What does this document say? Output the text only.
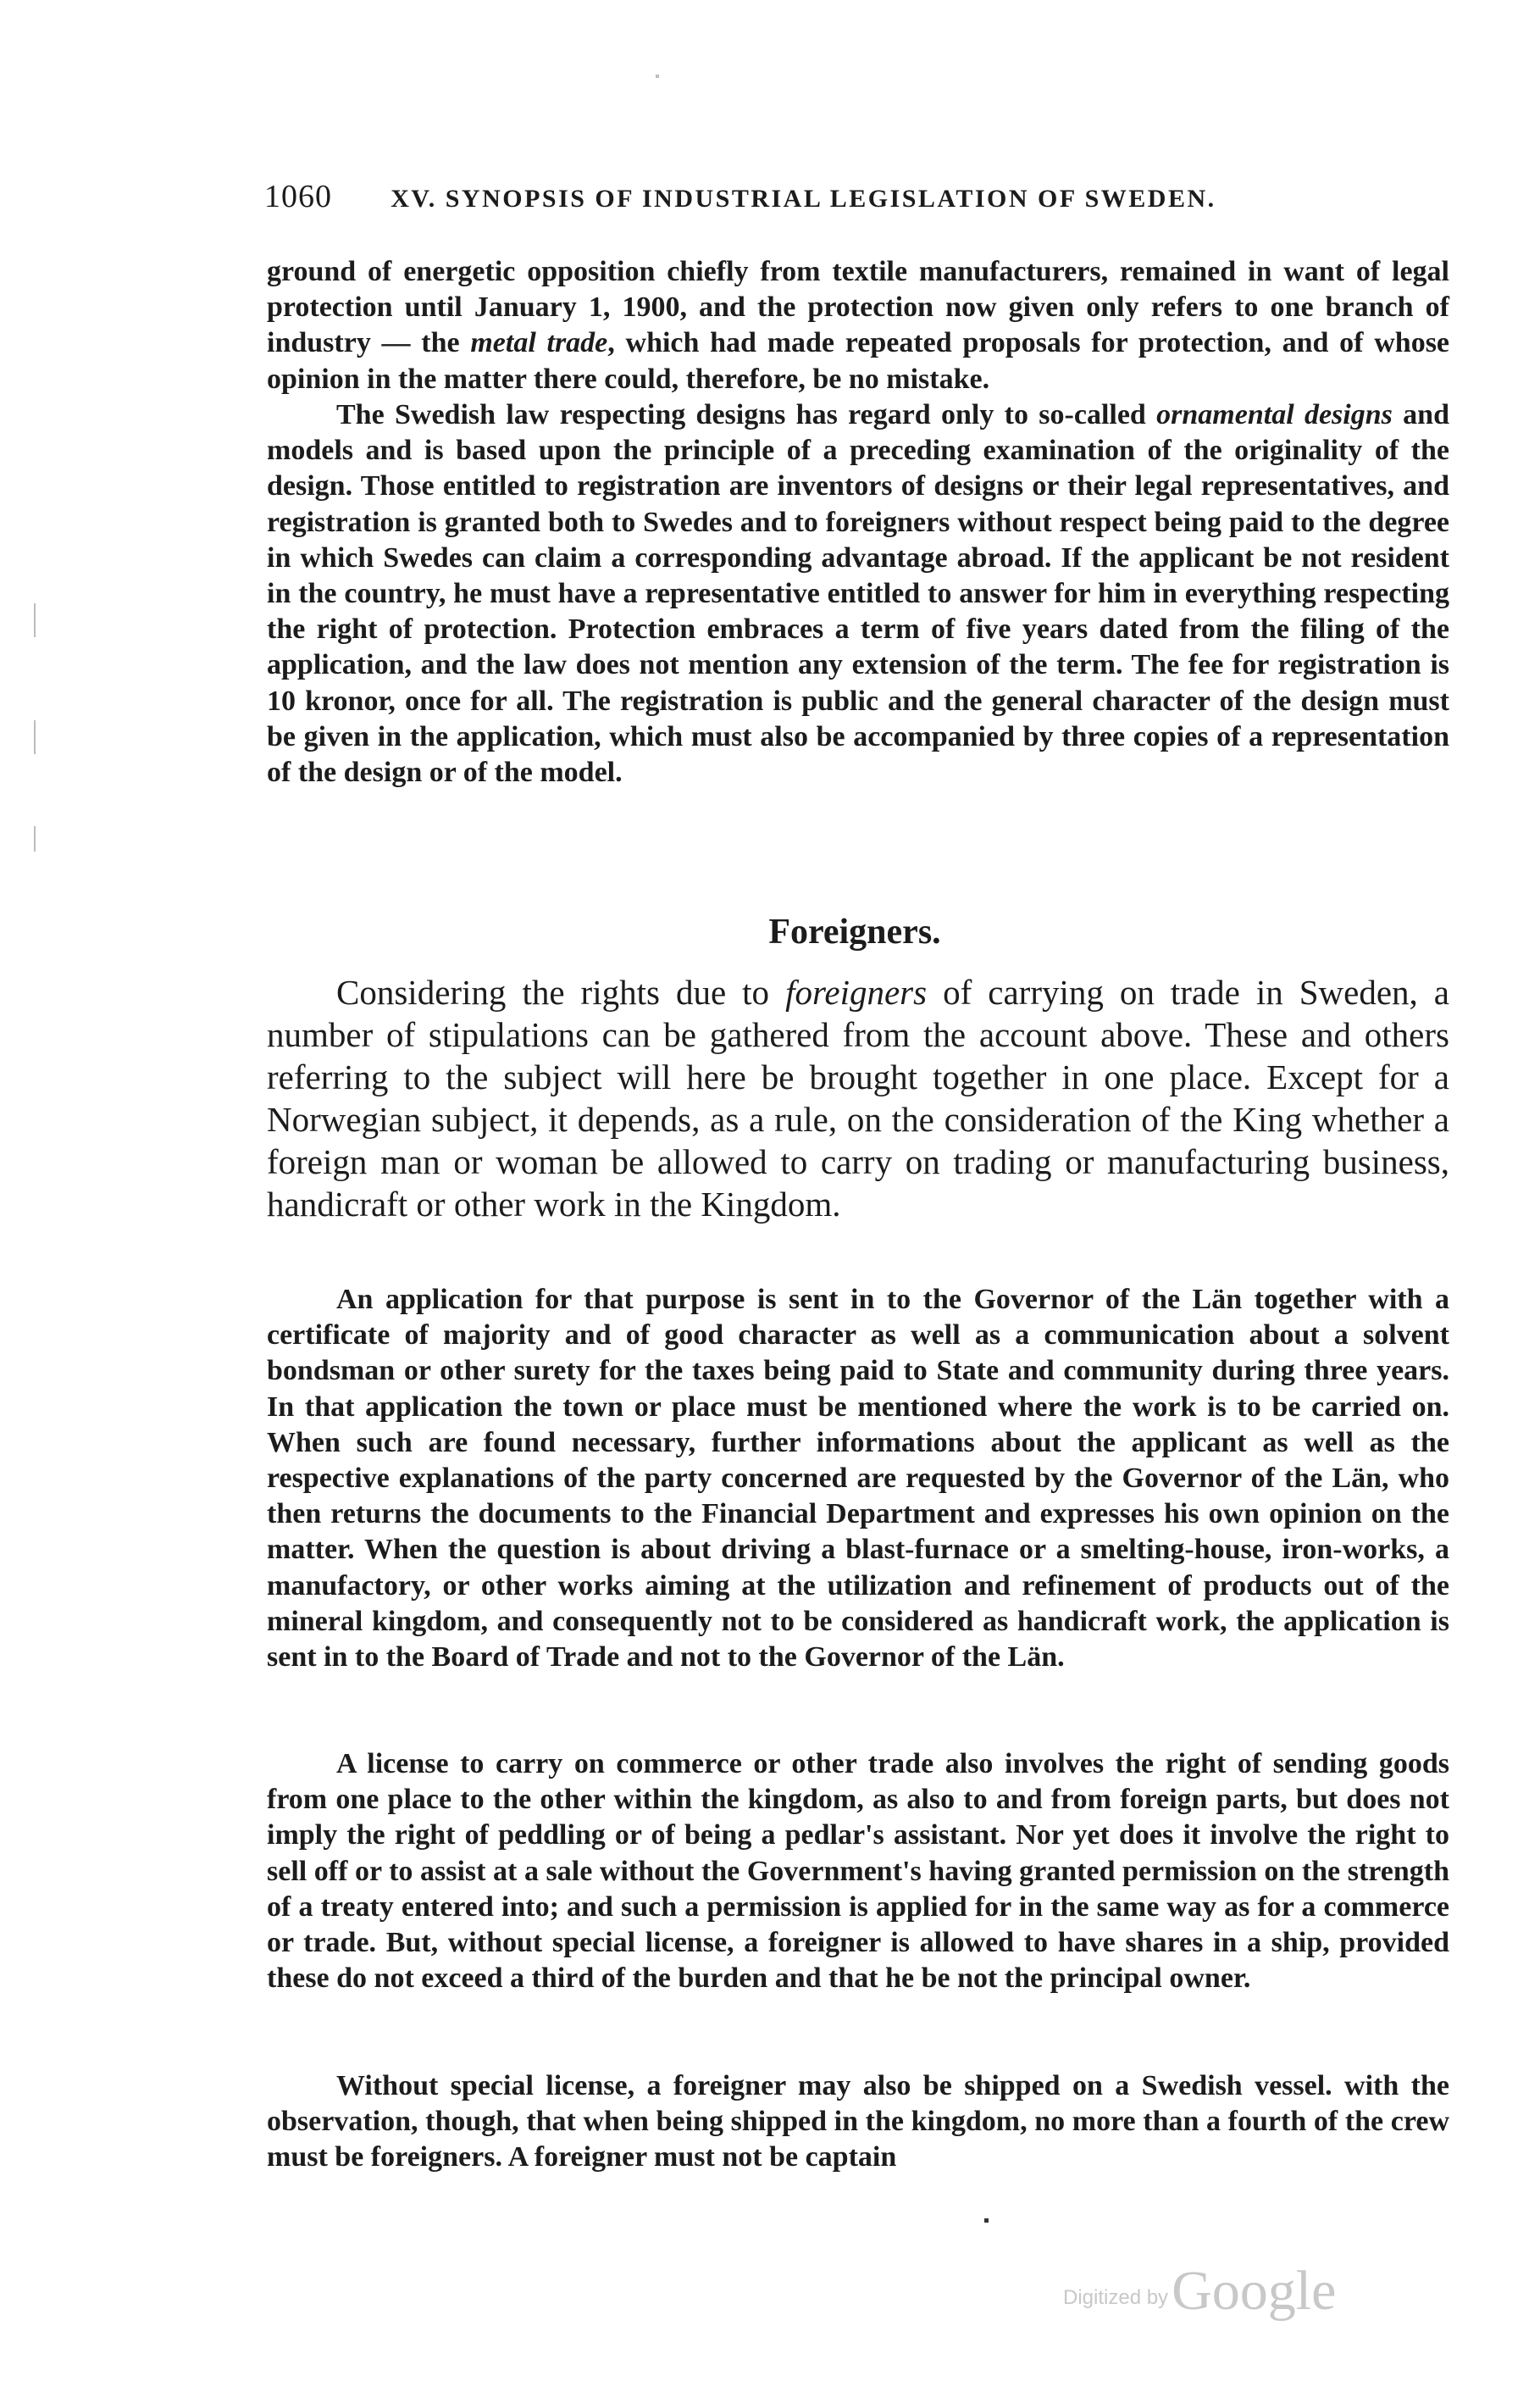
1060 XV. SYNOPSIS OF INDUSTRIAL LEGISLATION OF SWEDEN.

ground of energetic opposition chiefly from textile manufacturers, remained in want of legal protection until January 1, 1900, and the protection now given only refers to one branch of industry — the metal trade, which had made repeated proposals for protection, and of whose opinion in the matter there could, therefore, be no mistake.

The Swedish law respecting designs has regard only to so-called ornamental designs and models and is based upon the principle of a preceding examination of the originality of the design. Those entitled to registration are inventors of designs or their legal representatives, and registration is granted both to Swedes and to foreigners without respect being paid to the degree in which Swedes can claim a corresponding advantage abroad. If the applicant be not resident in the country, he must have a representative entitled to answer for him in everything respecting the right of protection. Protection embraces a term of five years dated from the filing of the application, and the law does not mention any extension of the term. The fee for registration is 10 kronor, once for all. The registration is public and the general character of the design must be given in the application, which must also be accompanied by three copies of a representation of the design or of the model.

Foreigners.

Considering the rights due to foreigners of carrying on trade in Sweden, a number of stipulations can be gathered from the account above. These and others referring to the subject will here be brought together in one place. Except for a Norwegian subject, it depends, as a rule, on the consideration of the King whether a foreign man or woman be allowed to carry on trading or manufacturing business, handicraft or other work in the Kingdom.

An application for that purpose is sent in to the Governor of the Län together with a certificate of majority and of good character as well as a communication about a solvent bondsman or other surety for the taxes being paid to State and community during three years. In that application the town or place must be mentioned where the work is to be carried on. When such are found necessary, further informations about the applicant as well as the respective explanations of the party concerned are requested by the Governor of the Län, who then returns the documents to the Financial Department and expresses his own opinion on the matter. When the question is about driving a blast-furnace or a smelting-house, iron-works, a manufactory, or other works aiming at the utilization and refinement of products out of the mineral kingdom, and consequently not to be considered as handicraft work, the application is sent in to the Board of Trade and not to the Governor of the Län.

A license to carry on commerce or other trade also involves the right of sending goods from one place to the other within the kingdom, as also to and from foreign parts, but does not imply the right of peddling or of being a pedlar's assistant. Nor yet does it involve the right to sell off or to assist at a sale without the Government's having granted permission on the strength of a treaty entered into; and such a permission is applied for in the same way as for a commerce or trade. But, without special license, a foreigner is allowed to have shares in a ship, provided these do not exceed a third of the burden and that he be not the principal owner.

Without special license, a foreigner may also be shipped on a Swedish vessel. with the observation, though, that when being shipped in the kingdom, no more than a fourth of the crew must be foreigners. A foreigner must not be captain

Digitized by Google
